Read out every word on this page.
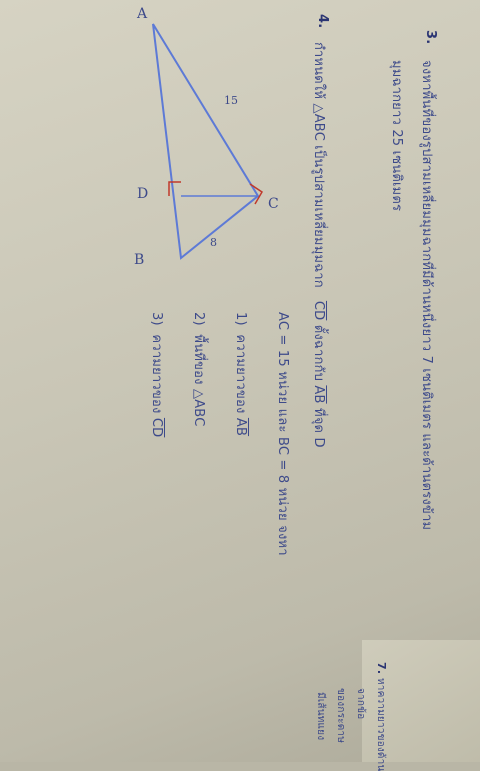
A
B
C
D
15
8
3.
จงหาพื้นที่ของรูปสามเหลี่ยมมุมฉากที่มีด้านหนึ่งยาว 7 เซนติเมตร และด้านตรงข้าม
มุมฉากยาว 25 เซนติเมตร
4.
กำหนดให้ △ABC เป็นรูปสามเหลี่ยมมุมฉาก   $\overline{CD}$ ตั้งฉากกับ $\overline{AB}$ ที่จุด D
AC = 15 หน่วย และ BC = 8 หน่วย จงหา
1)  ความยาวของ $\overline{AB}$
2)  พื้นที่ของ △ABC
3)  ความยาวของ $\overline{CD}$
7.
หาความยาวของด้าน
จากข้อ
ของกระดาษ
มีเส้นทแยง
